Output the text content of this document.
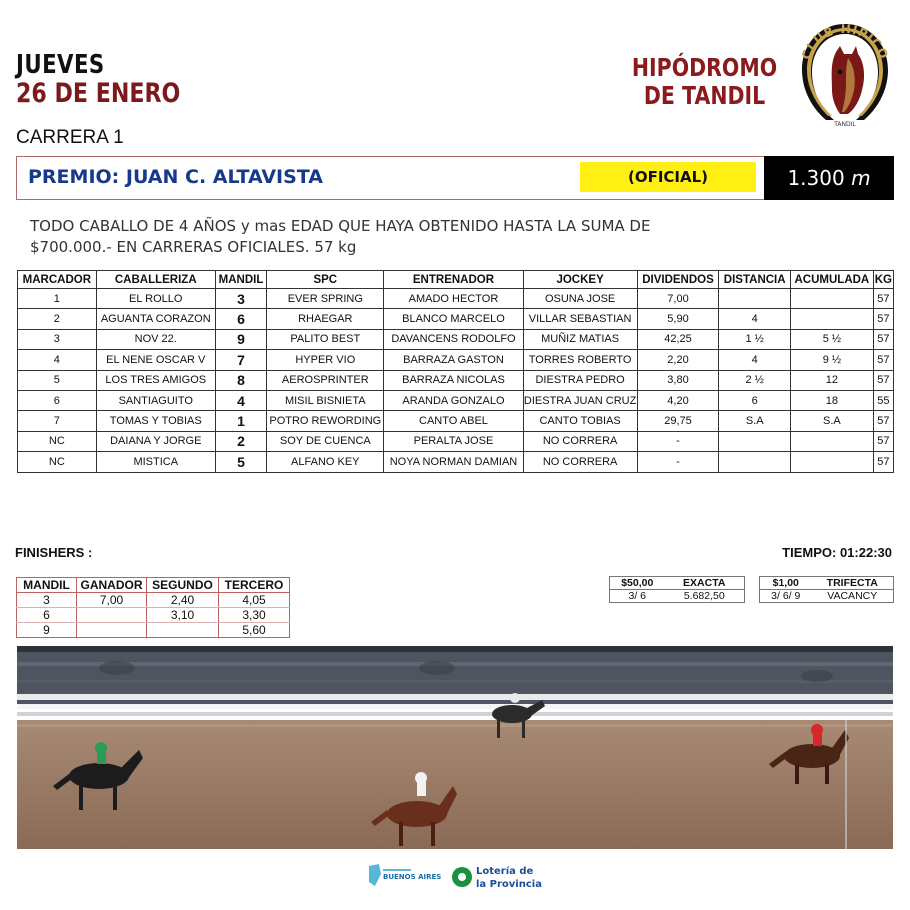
JUEVES
26 DE ENERO
HIPÓDROMO
DE TANDIL
CLUB HIPICO
TANDIL
CARRERA 1
PREMIO: JUAN C. ALTAVISTA	(OFICIAL)	1.300 m
TODO CABALLO DE 4 AÑOS y mas EDAD QUE HAYA OBTENIDO HASTA LA SUMA DE
$700.000.- EN CARRERAS OFICIALES. 57 kg
MARCADOR	CABALLERIZA	MANDIL	SPC	ENTRENADOR	JOCKEY	DIVIDENDOS	DISTANCIA	ACUMULADA	KG
1	EL ROLLO	3	EVER SPRING	AMADO HECTOR	OSUNA JOSE	7,00			57
2	AGUANTA CORAZON	6	RHAEGAR	BLANCO MARCELO	VILLAR SEBASTIAN	5,90	4		57
3	NOV 22.	9	PALITO BEST	DAVANCENS RODOLFO	MUÑIZ MATIAS	42,25	1 ½	5 ½	57
4	EL NENE OSCAR V	7	HYPER VIO	BARRAZA GASTON	TORRES ROBERTO	2,20	4	9 ½	57
5	LOS TRES AMIGOS	8	AEROSPRINTER	BARRAZA NICOLAS	DIESTRA PEDRO	3,80	2 ½	12	57
6	SANTIAGUITO	4	MISIL BISNIETA	ARANDA GONZALO	DIESTRA JUAN CRUZ	4,20	6	18	55
7	TOMAS Y TOBIAS	1	POTRO REWORDING	CANTO ABEL	CANTO TOBIAS	29,75	S.A	S.A	57
NC	DAIANA Y JORGE	2	SOY DE CUENCA	PERALTA JOSE	NO CORRERA	-			57
NC	MISTICA	5	ALFANO KEY	NOYA NORMAN DAMIAN	NO CORRERA	-			57
FINISHERS :	TIEMPO: 01:22:30
MANDIL	GANADOR	SEGUNDO	TERCERO
3	7,00	2,40	4,05
6		3,10	3,30
9			5,60
$50,00	EXACTA
3/ 6	5.682,50
$1,00	TRIFECTA
3/ 6/ 9	VACANCY
BUENOS AIRES	Lotería de
la Provincia
